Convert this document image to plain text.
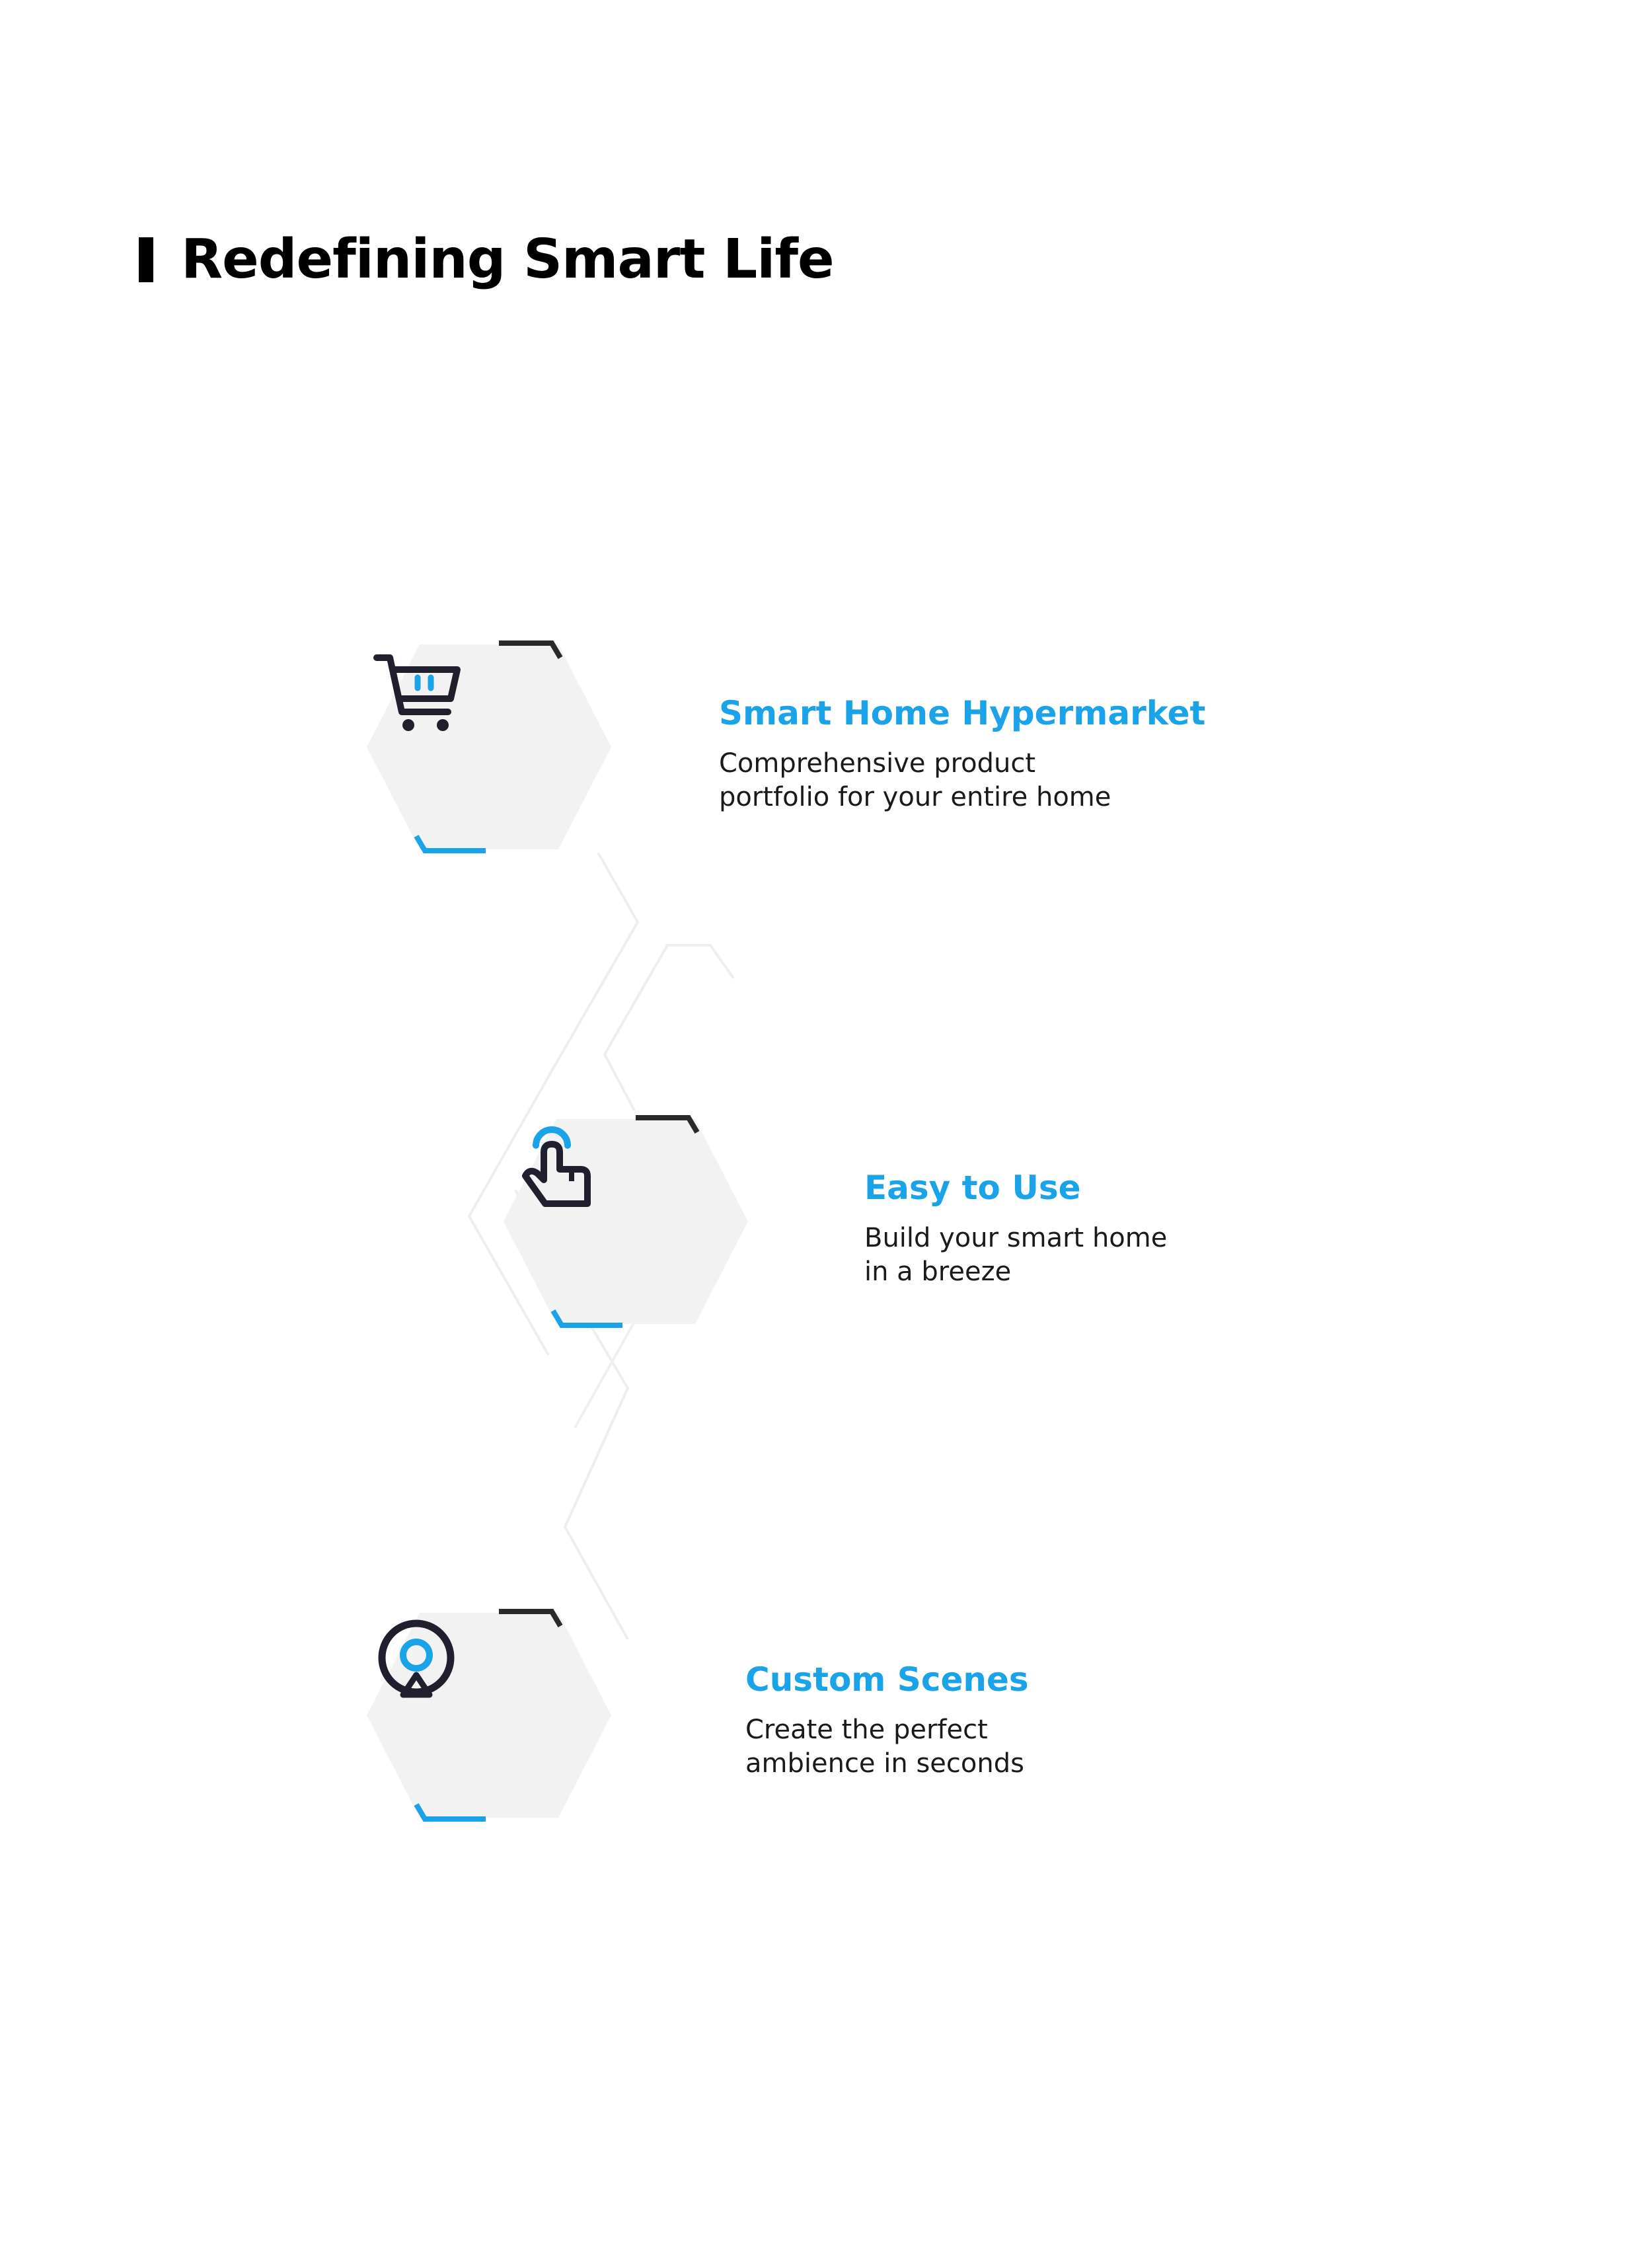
Redefining Smart Life

Smart Home Hypermarket

Comprehensive product

portfolio for your entire home

Easy to Use

Build your smart home

in a breeze

Custom Scenes

Create the perfect

ambience in seconds
